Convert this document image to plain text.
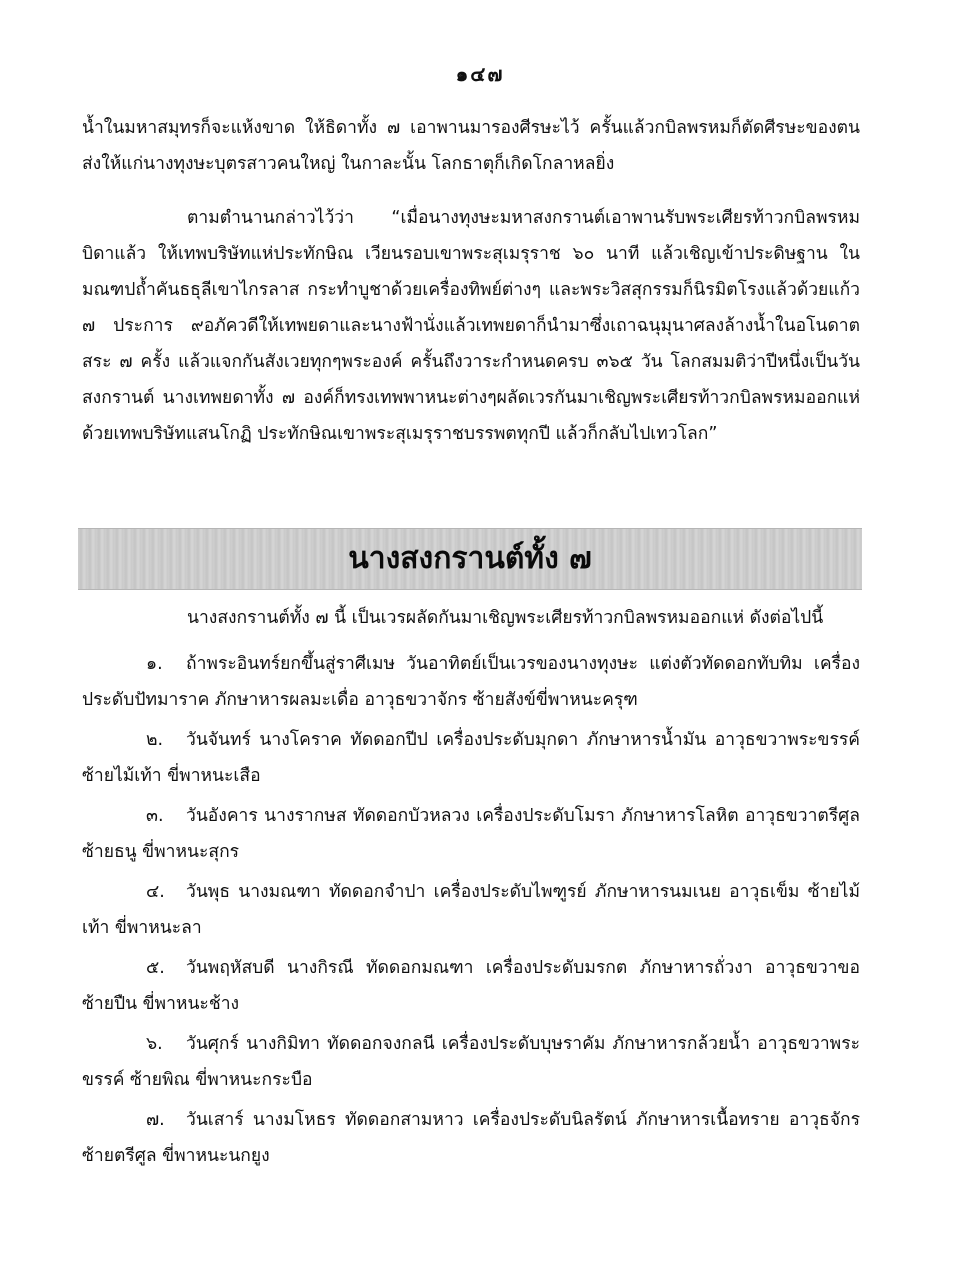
๑๔๗
น้ำในมหาสมุทรก็จะแห้งขาด ให้ธิดาทั้ง ๗ เอาพานมารองศีรษะไว้ ครั้นแล้วกบิลพรหมก็ตัดศีรษะของตนส่งให้แก่นางทุงษะบุตรสาวคนใหญ่ ในกาละนั้น โลกธาตุก็เกิดโกลาหลยิ่ง
ตามตำนานกล่าวไว้ว่า “เมื่อนางทุงษะมหาสงกรานต์เอาพานรับพระเศียรท้าวกบิลพรหมบิดาแล้ว ให้เทพบริษัทแห่ประทักษิณ เวียนรอบเขาพระสุเมรุราช ๖๐ นาที แล้วเชิญเข้าประดิษฐาน ในมณฑปถ้ำคันธธุลีเขาไกรลาส กระทำบูชาด้วยเครื่องทิพย์ต่างๆ และพระวิสสุกรรมก็นิรมิตโรงแล้วด้วยแก้ว ๗ ประการ ๙อภัควดีให้เทพยดาและนางฟ้านั่งแล้วเทพยดาก็นำมาซึ่งเถาฉนุมุนาศลงล้างน้ำในอโนดาตสระ ๗ ครั้ง แล้วแจกกันสังเวยทุกๆพระองค์ ครั้นถึงวาระกำหนดครบ ๓๖๕ วัน โลกสมมติว่าปีหนึ่งเป็นวันสงกรานต์ นางเทพยดาทั้ง ๗ องค์ก็ทรงเทพพาหนะต่างๆผลัดเวรกันมาเชิญพระเศียรท้าวกบิลพรหมออกแห่ด้วยเทพบริษัทแสนโกฏิ ประทักษิณเขาพระสุเมรุราชบรรพตทุกปี แล้วก็กลับไปเทวโลก”
นางสงกรานต์ทั้ง ๗
นางสงกรานต์ทั้ง ๗ นี้ เป็นเวรผลัดกันมาเชิญพระเศียรท้าวกบิลพรหมออกแห่ ดังต่อไปนี้
๑. ถ้าพระอินทร์ยกขึ้นสู่ราศีเมษ วันอาทิตย์เป็นเวรของนางทุงษะ แต่งตัวทัดดอกทับทิม เครื่องประดับปัทมาราค ภักษาหารผลมะเดื่อ อาวุธขวาจักร ซ้ายสังข์ขี่พาหนะครุฑ
๒. วันจันทร์ นางโคราค ทัดดอกปีป เครื่องประดับมุกดา ภักษาหารน้ำมัน อาวุธขวาพระขรรค์ ซ้ายไม้เท้า ขี่พาหนะเสือ
๓. วันอังคาร นางรากษส ทัดดอกบัวหลวง เครื่องประดับโมรา ภักษาหารโลหิต อาวุธขวาตรีศูล ซ้ายธนู ขี่พาหนะสุกร
๔. วันพุธ นางมณฑา ทัดดอกจำปา เครื่องประดับไพฑูรย์ ภักษาหารนมเนย อาวุธเข็ม ซ้ายไม้เท้า ขี่พาหนะลา
๕. วันพฤหัสบดี นางกิรณี ทัดดอกมณฑา เครื่องประดับมรกต ภักษาหารถั่วงา อาวุธขวาขอ ซ้ายปืน ขี่พาหนะช้าง
๖. วันศุกร์ นางกิมิทา ทัดดอกจงกลนี เครื่องประดับบุษราคัม ภักษาหารกล้วยน้ำ อาวุธขวาพระขรรค์ ซ้ายพิณ ขี่พาหนะกระบือ
๗. วันเสาร์ นางมโหธร ทัดดอกสามหาว เครื่องประดับนิลรัตน์ ภักษาหารเนื้อทราย อาวุธจักร ซ้ายตรีศูล ขี่พาหนะนกยูง
